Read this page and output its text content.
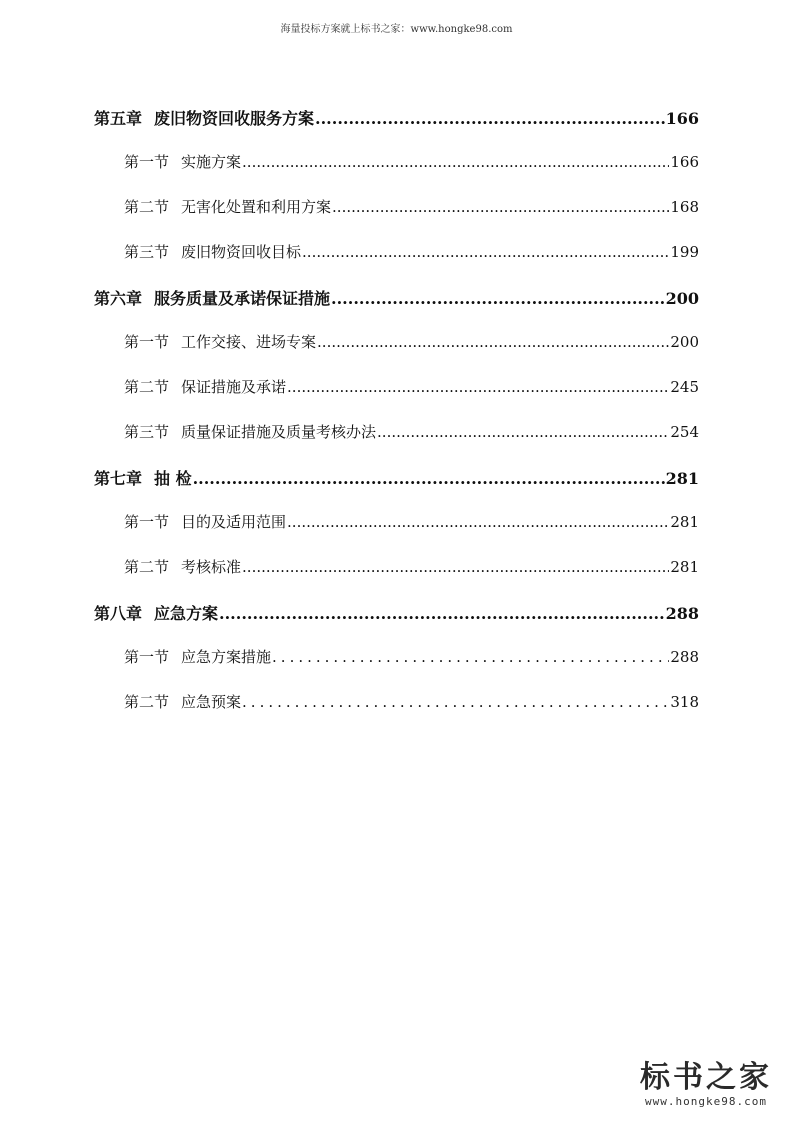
海量投标方案就上标书之家：www.hongke98.com
第五章 废旧物资回收服务方案 .....	166
第一节 实施方案 .....	166
第二节 无害化处置和利用方案 .....	168
第三节 废旧物资回收目标 .....	199
第六章 服务质量及承诺保证措施 .....	200
第一节 工作交接、进场专案 .....	200
第二节 保证措施及承诺 .....	245
第三节 质量保证措施及质量考核办法 .....	254
第七章 抽 检 .....	281
第一节 目的及适用范围 .....	281
第二节 考核标准 .....	281
第八章 应急方案 .....	288
第一节 应急方案措施 .....	288
第二节 应急预案 .....	318
标书之家
www.hongke98.com
